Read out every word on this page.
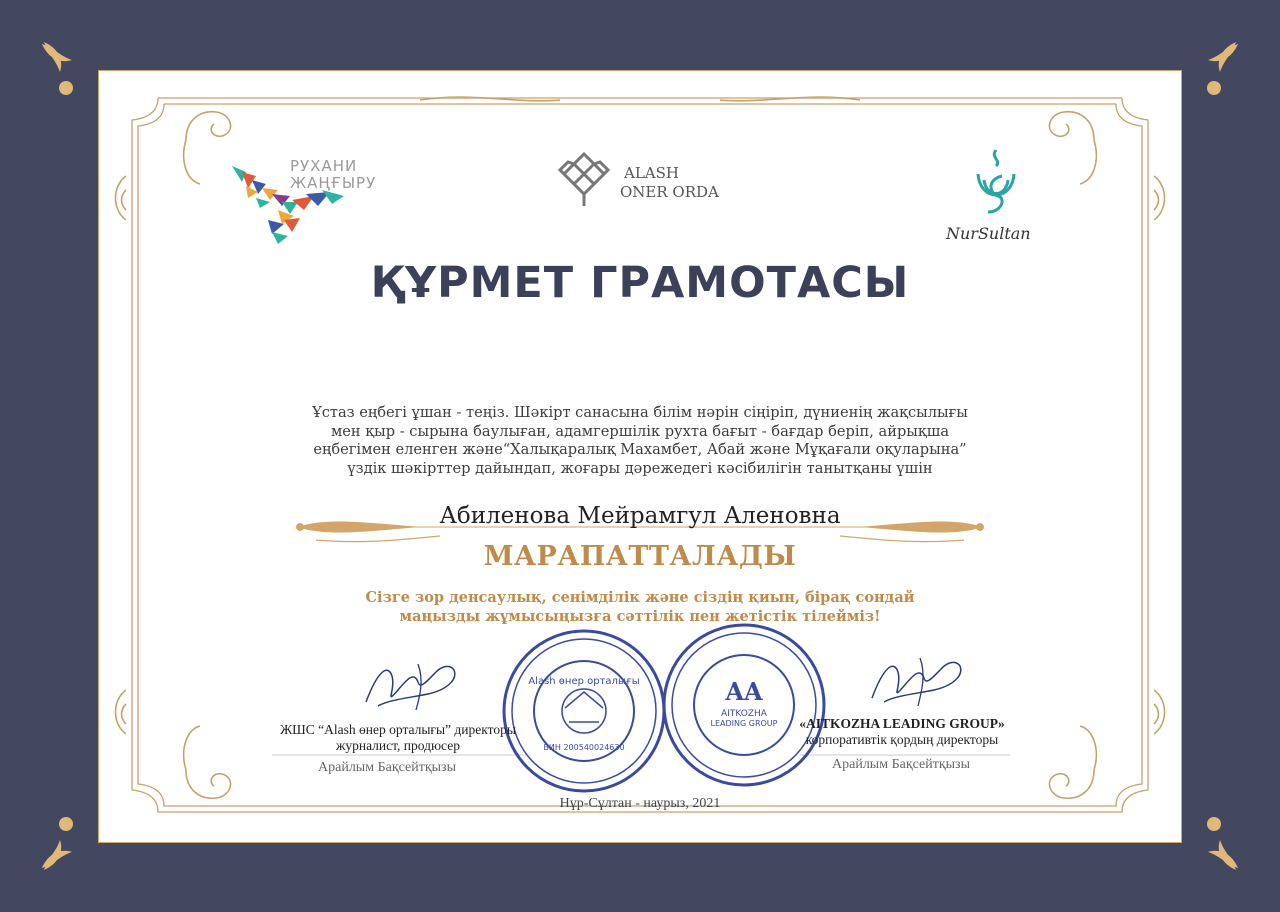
РУХАНИ
ЖАҢҒЫРУ
ALASH
ONER ORDA
NurSultan
ҚҰРМЕТ ГРАМОТАСЫ
Ұстаз еңбегі ұшан - теңіз. Шәкірт санасына білім нәрін сіңіріп, дүниенің жақсылығы
мен қыр - сырына баулыған, адамгершілік рухта бағыт - бағдар беріп, айрықша
еңбегімен еленген және“Халықаралық Махамбет, Абай және Мұқағали оқуларына”
үздік шәкірттер дайындап, жоғары дәрежедегі кәсібилігін танытқаны үшін
Абиленова Мейрамгул Аленовна
МАРАПАТТАЛАДЫ
Сізге зор денсаулық, сенімділік және сіздің қиын, бірақ сондай
маңызды жұмысыңызға сәттілік пен жетістік тілейміз!
Alash өнер орталығы
БИН 200540024630
AA
AITKOZHA
LEADING GROUP
ЖШС “Alash өнер орталығы” директоры
журналист, продюсер
Арайлым Бақсейтқызы
«AITKOZHA LEADING GROUP»
корпоративтік қордың директоры
Арайлым Бақсейтқызы
Нұр-Сұлтан - наурыз, 2021
